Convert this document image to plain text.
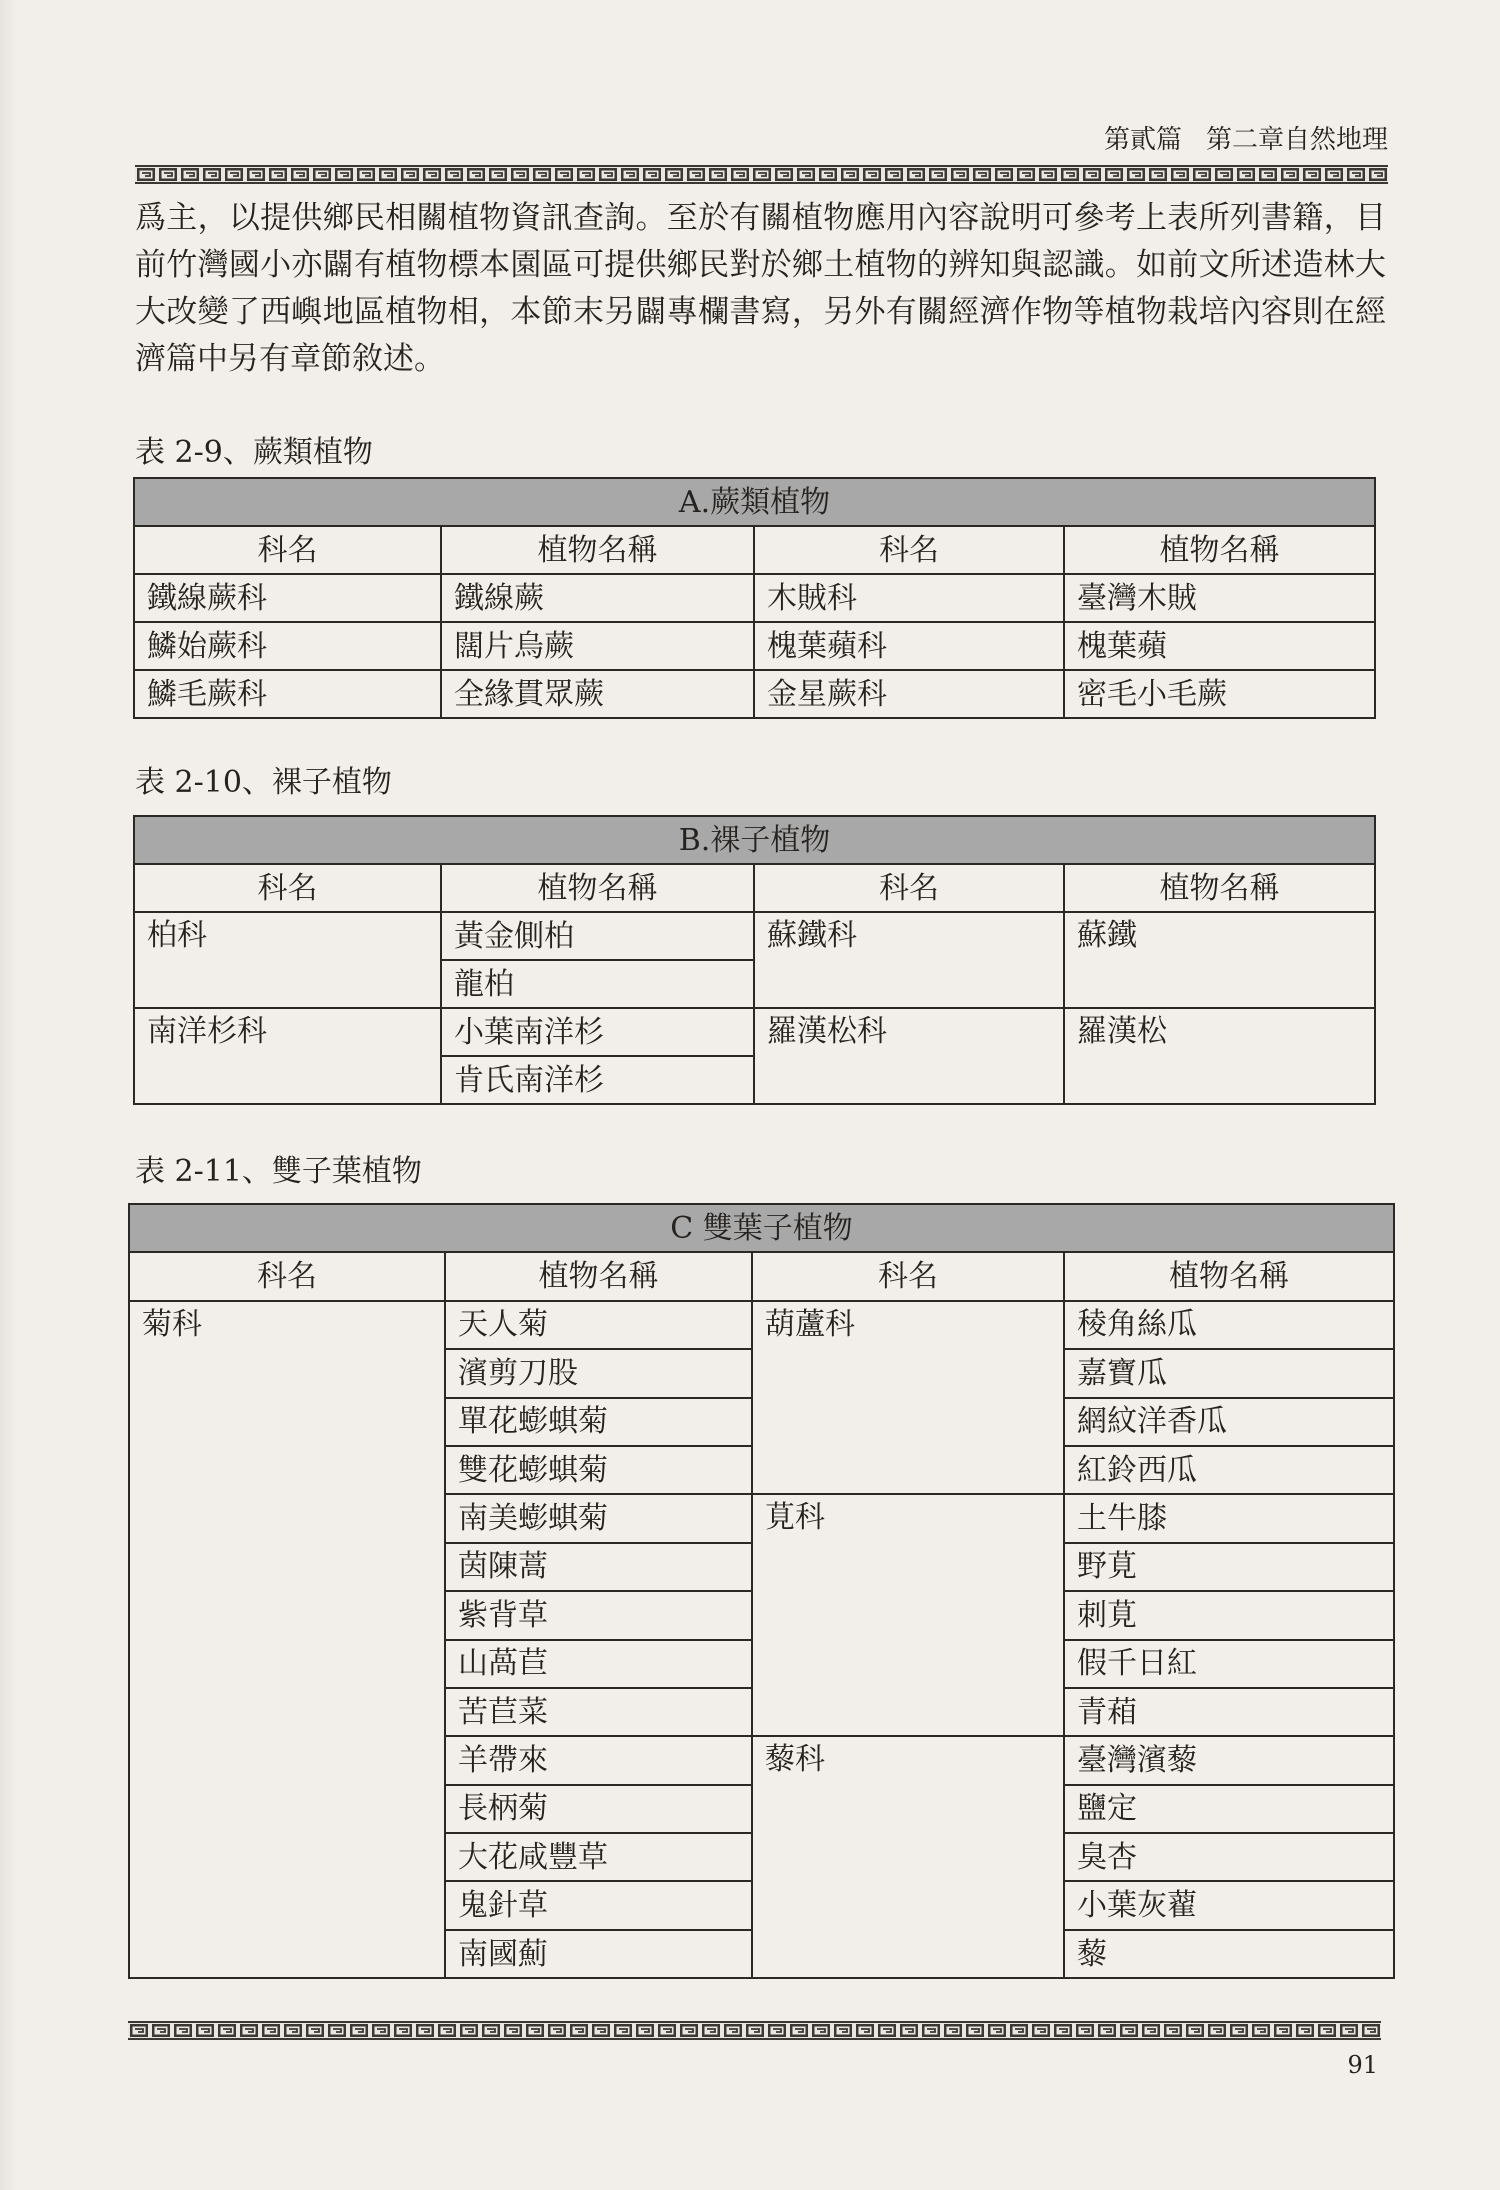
第貳篇 第二章自然地理
爲主，以提供鄉民相關植物資訊查詢。至於有關植物應用內容說明可參考上表所列書籍，目
前竹灣國小亦闢有植物標本園區可提供鄉民對於鄉土植物的辨知與認識。如前文所述造林大
大改變了西嶼地區植物相，本節末另闢專欄書寫，另外有關經濟作物等植物栽培內容則在經
濟篇中另有章節敘述。
表 2-9、蕨類植物
A.蕨類植物			
科名	植物名稱	科名	植物名稱
鐵線蕨科	鐵線蕨	木賊科	臺灣木賊
鱗始蕨科	闊片烏蕨	槐葉蘋科	槐葉蘋
鱗毛蕨科	全緣貫眾蕨	金星蕨科	密毛小毛蕨
表 2-10、裸子植物
B.裸子植物			
科名	植物名稱	科名	植物名稱

柏科	黃金側柏	蘇鐵科	蘇鐵

	龍柏		

南洋杉科	小葉南洋杉	羅漢松科	羅漢松

	肯氏南洋杉		
表 2-11、雙子葉植物
C 雙葉子植物			
科名	植物名稱	科名	植物名稱

菊科	天人菊	葫蘆科	稜角絲瓜
	濱剪刀股		嘉寶瓜
	單花蟛蜞菊		網紋洋香瓜
	雙花蟛蜞菊		紅鈴西瓜
	南美蟛蜞菊	莧科	土牛膝
	茵陳蒿		野莧
	紫背草		刺莧
	山萵苣		假千日紅
	苦苣菜		青葙
	羊帶來	藜科	臺灣濱藜
	長柄菊		鹽定
	大花咸豐草		臭杏
	鬼針草		小葉灰藋
	南國薊		藜
91
